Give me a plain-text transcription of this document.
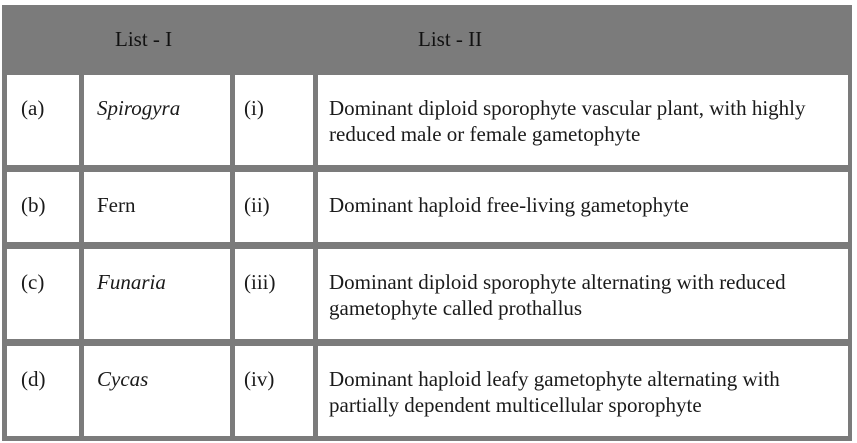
List - I	List - II
(a)	Spirogyra	(i)	Dominant diploid sporophyte vascular plant, with highly reduced male or female gametophyte
(b)	Fern	(ii)	Dominant haploid free-living gametophyte
(c)	Funaria	(iii)	Dominant diploid sporophyte alternating with reduced gametophyte called prothallus
(d)	Cycas	(iv)	Dominant haploid leafy gametophyte alternating with partially dependent multicellular sporophyte
